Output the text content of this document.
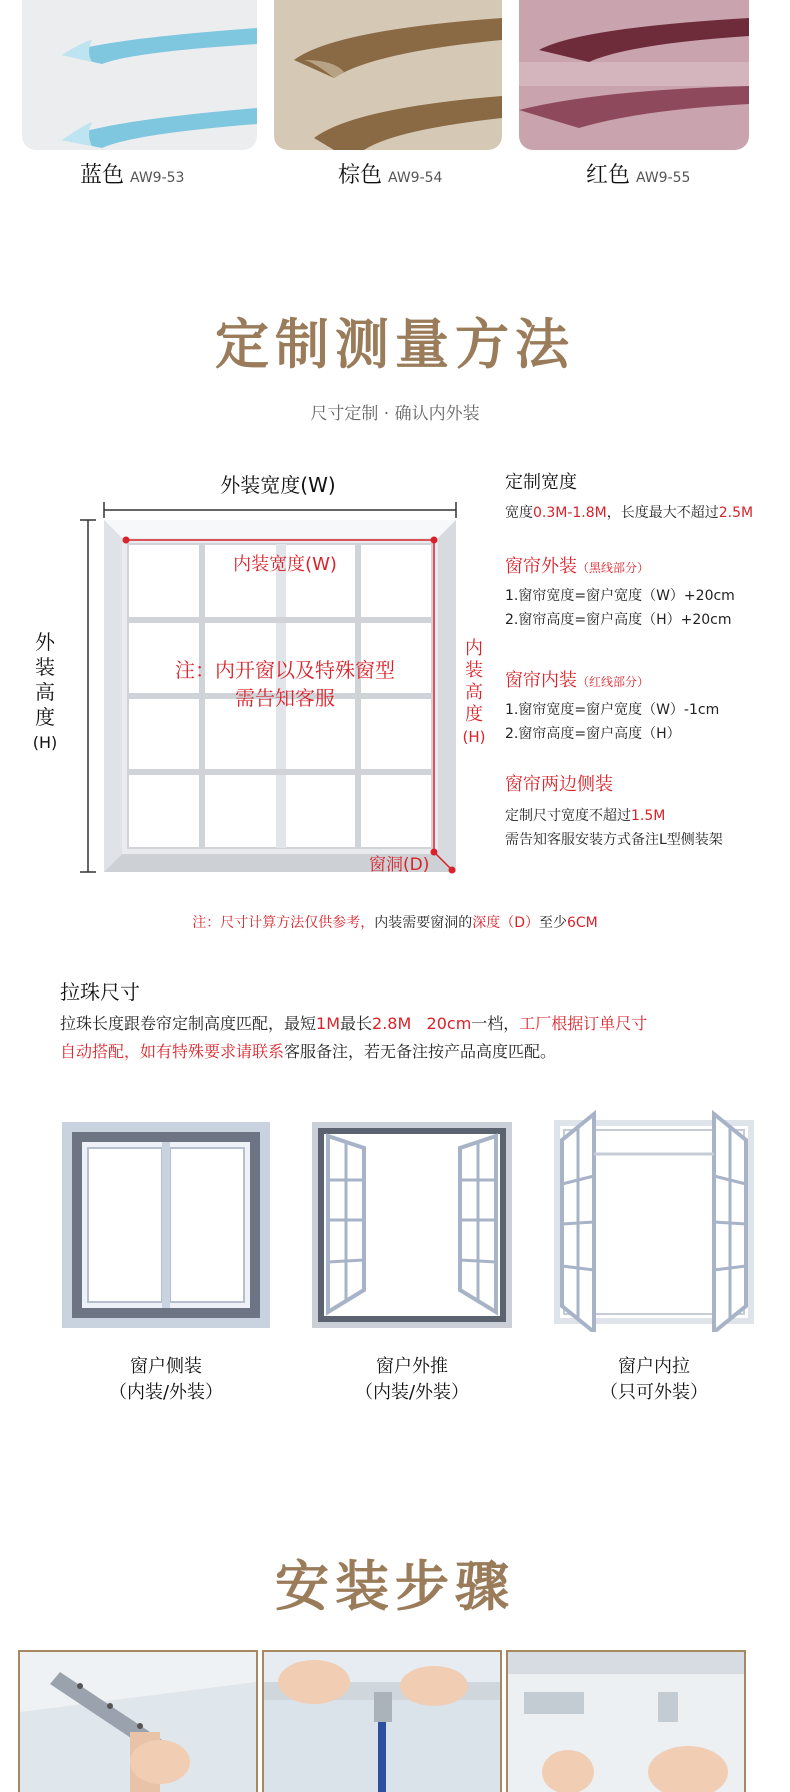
蓝色 AW9-53	棕色 AW9-54	红色 AW9-55
定制测量方法
尺寸定制 · 确认内外装
外装宽度(W)
外
装
高
度
(H)
内装宽度(W)
内
装
高
度
(H)
注：内开窗以及特殊窗型
需告知客服
窗洞(D)
定制宽度
宽度0.3M-1.8M，长度最大不超过2.5M
窗帘外装（黑线部分）
1.窗帘宽度=窗户宽度（W）+20cm
2.窗帘高度=窗户高度（H）+20cm
窗帘内装（红线部分）
1.窗帘宽度=窗户宽度（W）-1cm
2.窗帘高度=窗户高度（H）
窗帘两边侧装
定制尺寸宽度不超过1.5M
需告知客服安装方式备注L型侧装架
注：尺寸计算方法仅供参考，内装需要窗洞的深度（D）至少6CM
拉珠尺寸
拉珠长度跟卷帘定制高度匹配，最短1M最长2.8M 20cm一档，工厂根据订单尺寸
自动搭配，如有特殊要求请联系客服备注，若无备注按产品高度匹配。
窗户侧装
（内装/外装）
窗户外推
（内装/外装）
窗户内拉
（只可外装）
安装步骤
